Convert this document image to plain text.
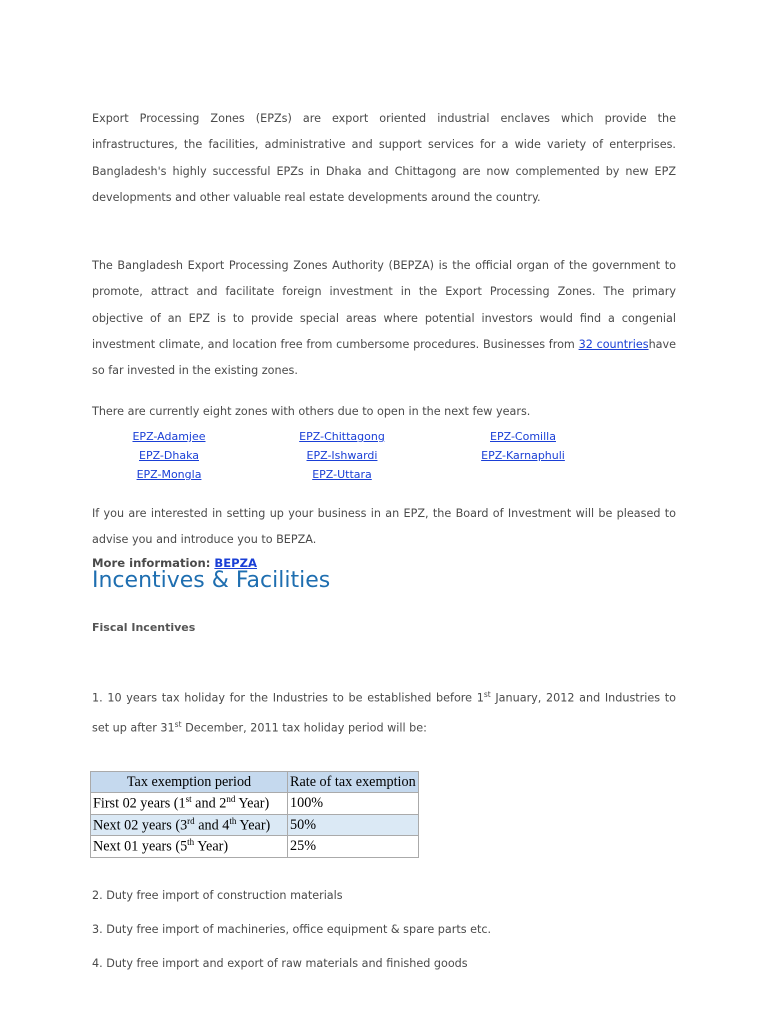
Export Processing Zones (EPZs) are export oriented industrial enclaves which provide the infrastructures, the facilities, administrative and support services for a wide variety of enterprises. Bangladesh's highly successful EPZs in Dhaka and Chittagong are now complemented by new EPZ developments and other valuable real estate developments around the country.

The Bangladesh Export Processing Zones Authority (BEPZA) is the official organ of the government to promote, attract and facilitate foreign investment in the Export Processing Zones. The primary objective of an EPZ is to provide special areas where potential investors would find a congenial investment climate, and location free from cumbersome procedures. Businesses from 32 countrieshave so far invested in the existing zones.

There are currently eight zones with others due to open in the next few years.

EPZ-Adamjee	EPZ-Chittagong	EPZ-Comilla
EPZ-Dhaka	EPZ-Ishwardi	EPZ-Karnaphuli
EPZ-Mongla	EPZ-Uttara

If you are interested in setting up your business in an EPZ, the Board of Investment will be pleased to advise you and introduce you to BEPZA.

More information: BEPZA
Incentives & Facilities
Fiscal Incentives

1. 10 years tax holiday for the Industries to be established before 1st January, 2012 and Industries to set up after 31st December, 2011 tax holiday period will be:

Tax exemption period	Rate of tax exemption
First 02 years (1st and 2nd Year)	100%
Next 02 years (3rd and 4th Year)	50%
Next 01 years (5th Year)	25%
2. Duty free import of construction materials
3. Duty free import of machineries, office equipment & spare parts etc.
4. Duty free import and export of raw materials and finished goods
